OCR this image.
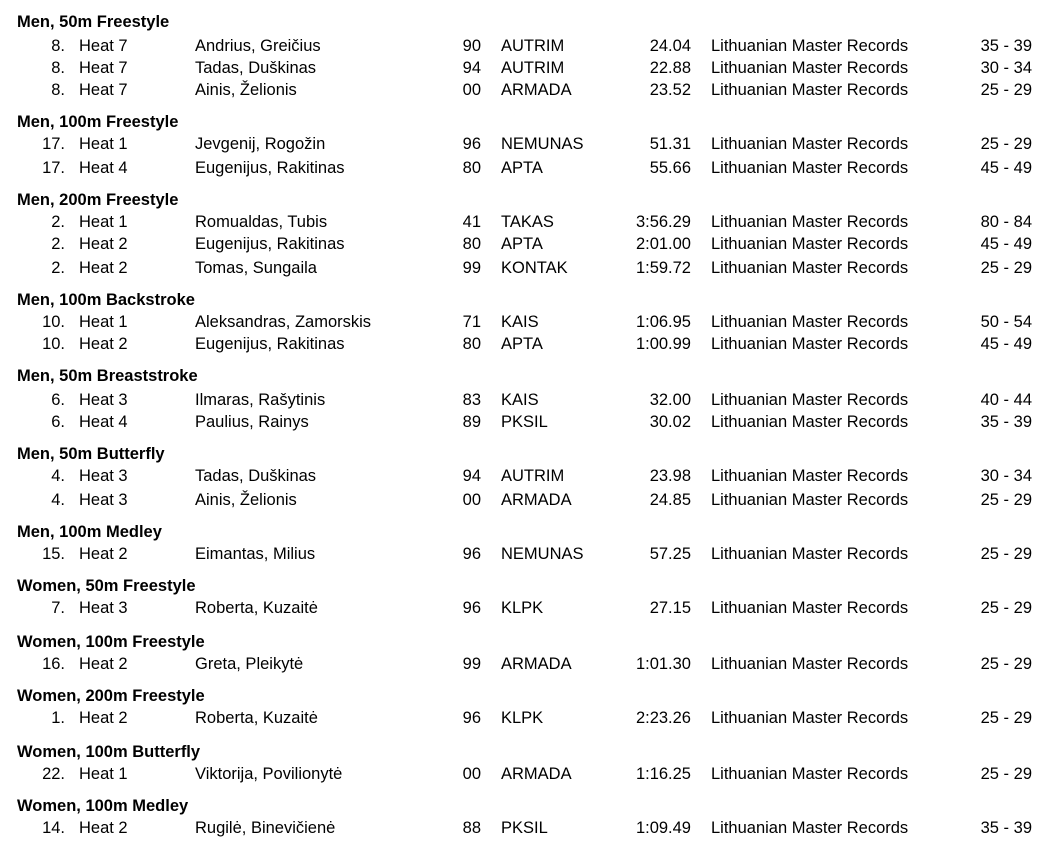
Men, 50m Freestyle
8. Heat 7	Andrius, Greičius	90 AUTRIM	24.04 Lithuanian Master Records	35 - 39
8. Heat 7	Tadas, Duškinas	94 AUTRIM	22.88 Lithuanian Master Records	30 - 34
8. Heat 7	Ainis, Želionis	00 ARMADA	23.52 Lithuanian Master Records	25 - 29
Men, 100m Freestyle
17. Heat 1	Jevgenij, Rogožin	96 NEMUNAS	51.31 Lithuanian Master Records	25 - 29
17. Heat 4	Eugenijus, Rakitinas	80 APTA	55.66 Lithuanian Master Records	45 - 49
Men, 200m Freestyle
2. Heat 1	Romualdas, Tubis	41 TAKAS	3:56.29 Lithuanian Master Records	80 - 84
2. Heat 2	Eugenijus, Rakitinas	80 APTA	2:01.00 Lithuanian Master Records	45 - 49
2. Heat 2	Tomas, Sungaila	99 KONTAK	1:59.72 Lithuanian Master Records	25 - 29
Men, 100m Backstroke
10. Heat 1	Aleksandras, Zamorskis	71 KAIS	1:06.95 Lithuanian Master Records	50 - 54
10. Heat 2	Eugenijus, Rakitinas	80 APTA	1:00.99 Lithuanian Master Records	45 - 49
Men, 50m Breaststroke
6. Heat 3	Ilmaras, Rašytinis	83 KAIS	32.00 Lithuanian Master Records	40 - 44
6. Heat 4	Paulius, Rainys	89 PKSIL	30.02 Lithuanian Master Records	35 - 39
Men, 50m Butterfly
4. Heat 3	Tadas, Duškinas	94 AUTRIM	23.98 Lithuanian Master Records	30 - 34
4. Heat 3	Ainis, Želionis	00 ARMADA	24.85 Lithuanian Master Records	25 - 29
Men, 100m Medley
15. Heat 2	Eimantas, Milius	96 NEMUNAS	57.25 Lithuanian Master Records	25 - 29
Women, 50m Freestyle
7. Heat 3	Roberta, Kuzaitė	96 KLPK	27.15 Lithuanian Master Records	25 - 29
Women, 100m Freestyle
16. Heat 2	Greta, Pleikytė	99 ARMADA	1:01.30 Lithuanian Master Records	25 - 29
Women, 200m Freestyle
1. Heat 2	Roberta, Kuzaitė	96 KLPK	2:23.26 Lithuanian Master Records	25 - 29
Women, 100m Butterfly
22. Heat 1	Viktorija, Povilionytė	00 ARMADA	1:16.25 Lithuanian Master Records	25 - 29
Women, 100m Medley
14. Heat 2	Rugilė, Binevičienė	88 PKSIL	1:09.49 Lithuanian Master Records	35 - 39
